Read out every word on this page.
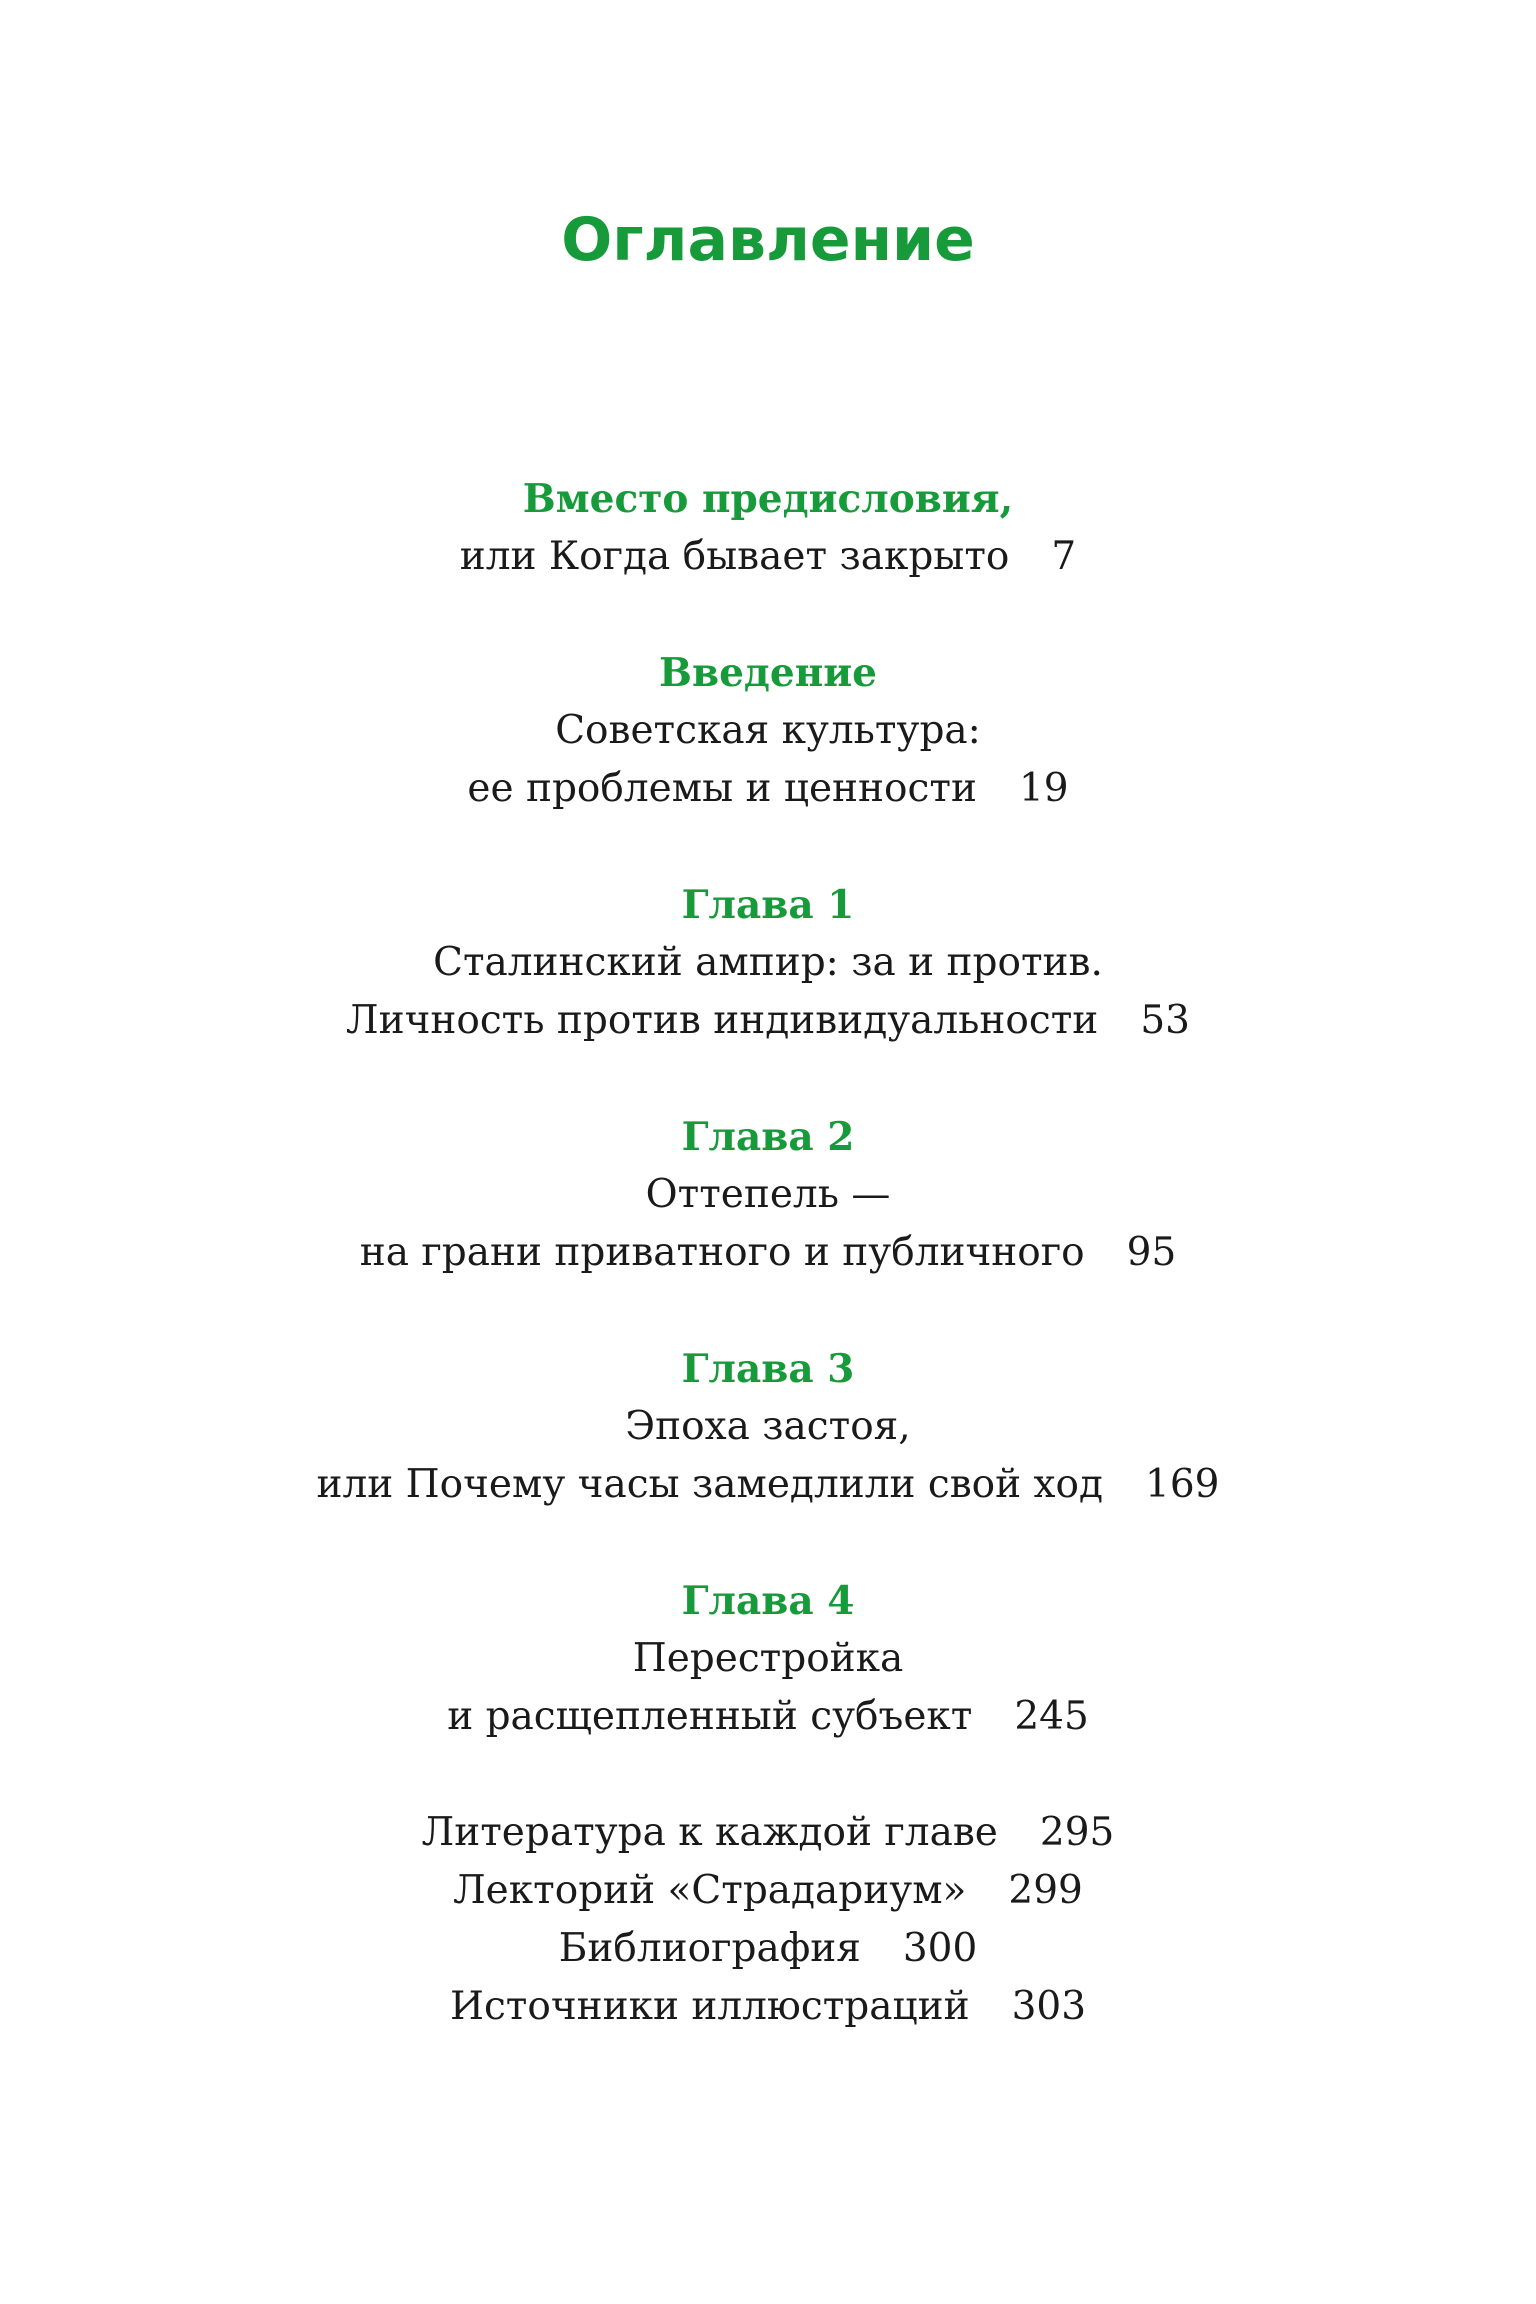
Оглавление
Вместо предисловия,
или Когда бывает закрыто 7
Введение
Советская культура:
ее проблемы и ценности 19
Глава 1
Сталинский ампир: за и против.
Личность против индивидуальности 53
Глава 2
Оттепель —
на грани приватного и публичного 95
Глава 3
Эпоха застоя,
или Почему часы замедлили свой ход 169
Глава 4
Перестройка
и расщепленный субъект 245
Литература к каждой главе 295
Лекторий «Страдариум» 299
Библиография 300
Источники иллюстраций 303
